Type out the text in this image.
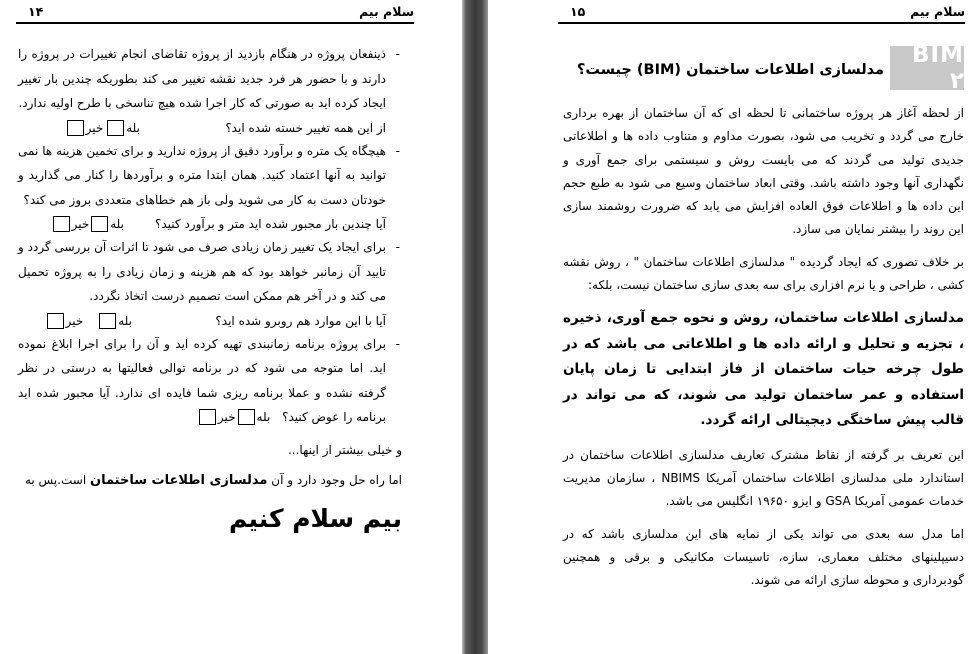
سلام بیم
۱۴
-
ذینفعان پروژه در هنگام بازدید از پروژه تقاضای انجام تغییرات در پروژه را دارند و با حضور هر فرد جدید نقشه تغییر می کند بطوریکه چندین بار تغییر ایجاد کرده اید به صورتی که کار اجرا شده هیچ تناسخی با طرح اولیه ندارد.
از این همه تغییر خسته شده اید؟
بله
خیر
-
هیچگاه یک متره و برآورد دقیق از پروژه ندارید و برای تخمین هزینه ها نمی توانید به آنها اعتماد کنید. همان ابتدا متره و برآوردها را کنار می گذارید و خودتان دست به کار می شوید ولی باز هم خطاهای متعددی بروز می کند؟
آیا چندین بار مجبور شده اید متر و برآورد کنید؟
بله
خیر
-
برای ایجاد یک تغییر زمان زیادی صرف می شود تا اثرات آن بررسی گردد و تایید آن زمانبر خواهد بود که هم هزینه و زمان زیادی را به پروژه تحمیل می کند و در آخر هم ممکن است تصمیم درست اتخاذ نگردد.
آیا با این موارد هم روبرو شده اید؟
بله
خیر
-
برای پروژه برنامه زمانبندی تهیه کرده اید و آن را برای اجرا ابلاغ نموده اید. اما متوجه می شود که در برنامه توالی فعالیتها به درستی در نظر گرفته نشده و عملا برنامه ریزی شما فایده ای ندارد. آیا مجبور شده اید برنامه را عوض کنید؟
بله
خیر
و خیلی بیشتر از اینها...
اما راه حل وجود دارد و آن مدلسازی اطلاعات ساختمان است.پس به
بیم سلام کنیم
سلام بیم
۱۵
BIM ۲
مدلسازی اطلاعات ساختمان (BIM) چیست؟
از لحظه آغاز هر پروژه ساختمانی تا لحظه ای که آن ساختمان از بهره برداری خارج می گردد و تخریب می شود، بصورت مداوم و متناوب داده ها و اطلاعاتی جدیدی تولید می گردند که می بایست روش و سیستمی برای جمع آوری و نگهداری آنها وجود داشته باشد. وقتی ابعاد ساختمان وسیع می شود به طبع حجم این داده ها و اطلاعات فوق العاده افزایش می یابد که ضرورت روشمند سازی این روند را بیشتر نمایان می سازد.
بر خلاف تصوری که ایجاد گردیده " مدلسازی اطلاعات ساختمان " ، روش نقشه کشی ، طراحی و یا نرم افزاری برای سه بعدی سازی ساختمان نیست، بلکه:
مدلسازی اطلاعات ساختمان، روش و نحوه جمع آوری، ذخیره ، تجزیه و تحلیل و ارائه داده ها و اطلاعاتی می باشد که در طول چرخه حیات ساختمان از فاز ابتدایی تا زمان پایان استفاده و عمر ساختمان تولید می شوند، که می تواند در قالب پیش ساختگی دیجیتالی ارائه گردد.
این تعریف بر گرفته از نقاط مشترک تعاریف مدلسازی اطلاعات ساختمان در استاندارد ملی مدلسازی اطلاعات ساختمان آمریکا NBIMS ، سازمان مدیریت خدمات عمومی آمریکا GSA و ایزو ۱۹۶۵۰ انگلیس می باشد.
اما مدل سه بعدی می تواند یکی از نمایه های این مدلسازی باشد که در دسیپلینهای مختلف معماری، سازه، تاسیسات مکانیکی و برقی و همچنین گودبرداری و محوطه سازی ارائه می شوند.
